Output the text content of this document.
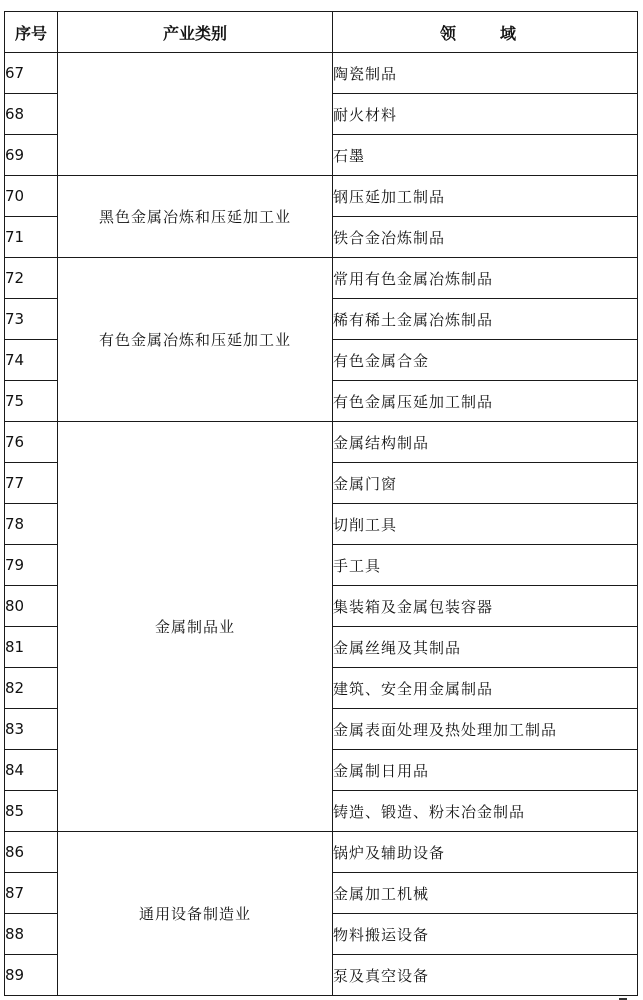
序号	产业类别	领　域
67		陶瓷制品
68		耐火材料
69		石墨
70	黑色金属冶炼和压延加工业	钢压延加工制品
71		铁合金冶炼制品
72	有色金属冶炼和压延加工业	常用有色金属冶炼制品
73		稀有稀土金属冶炼制品
74		有色金属合金
75		有色金属压延加工制品
76	金属制品业	金属结构制品
77		金属门窗
78		切削工具
79		手工具
80		集装箱及金属包装容器
81		金属丝绳及其制品
82		建筑、安全用金属制品
83		金属表面处理及热处理加工制品
84		金属制日用品
85		铸造、锻造、粉末冶金制品
86	通用设备制造业	锅炉及辅助设备
87		金属加工机械
88		物料搬运设备
89		泵及真空设备
